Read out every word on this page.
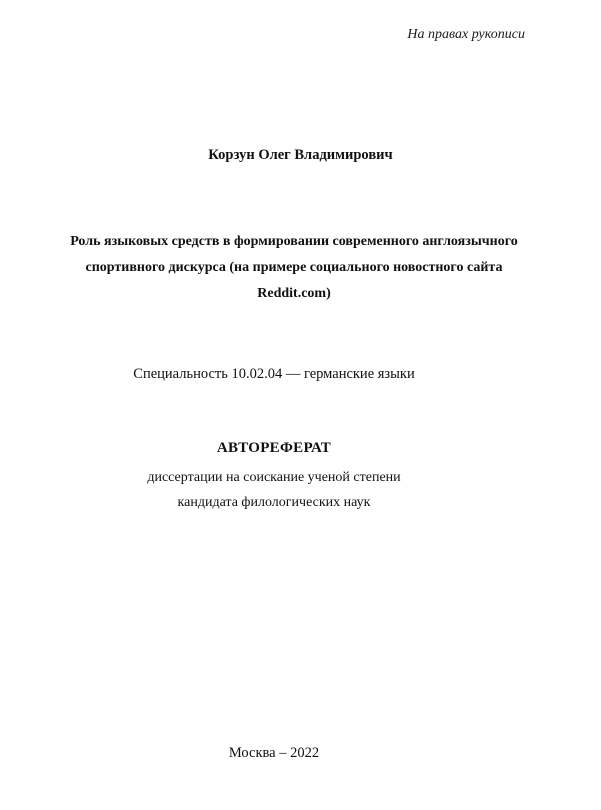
На правах рукописи
Корзун Олег Владимирович
Роль языковых средств в формировании современного англоязычного
спортивного дискурса (на примере социального новостного сайта
Reddit.com)
Специальность 10.02.04 — германские языки
АВТОРЕФЕРАТ
диссертации на соискание ученой степени
кандидата филологических наук
Москва – 2022
